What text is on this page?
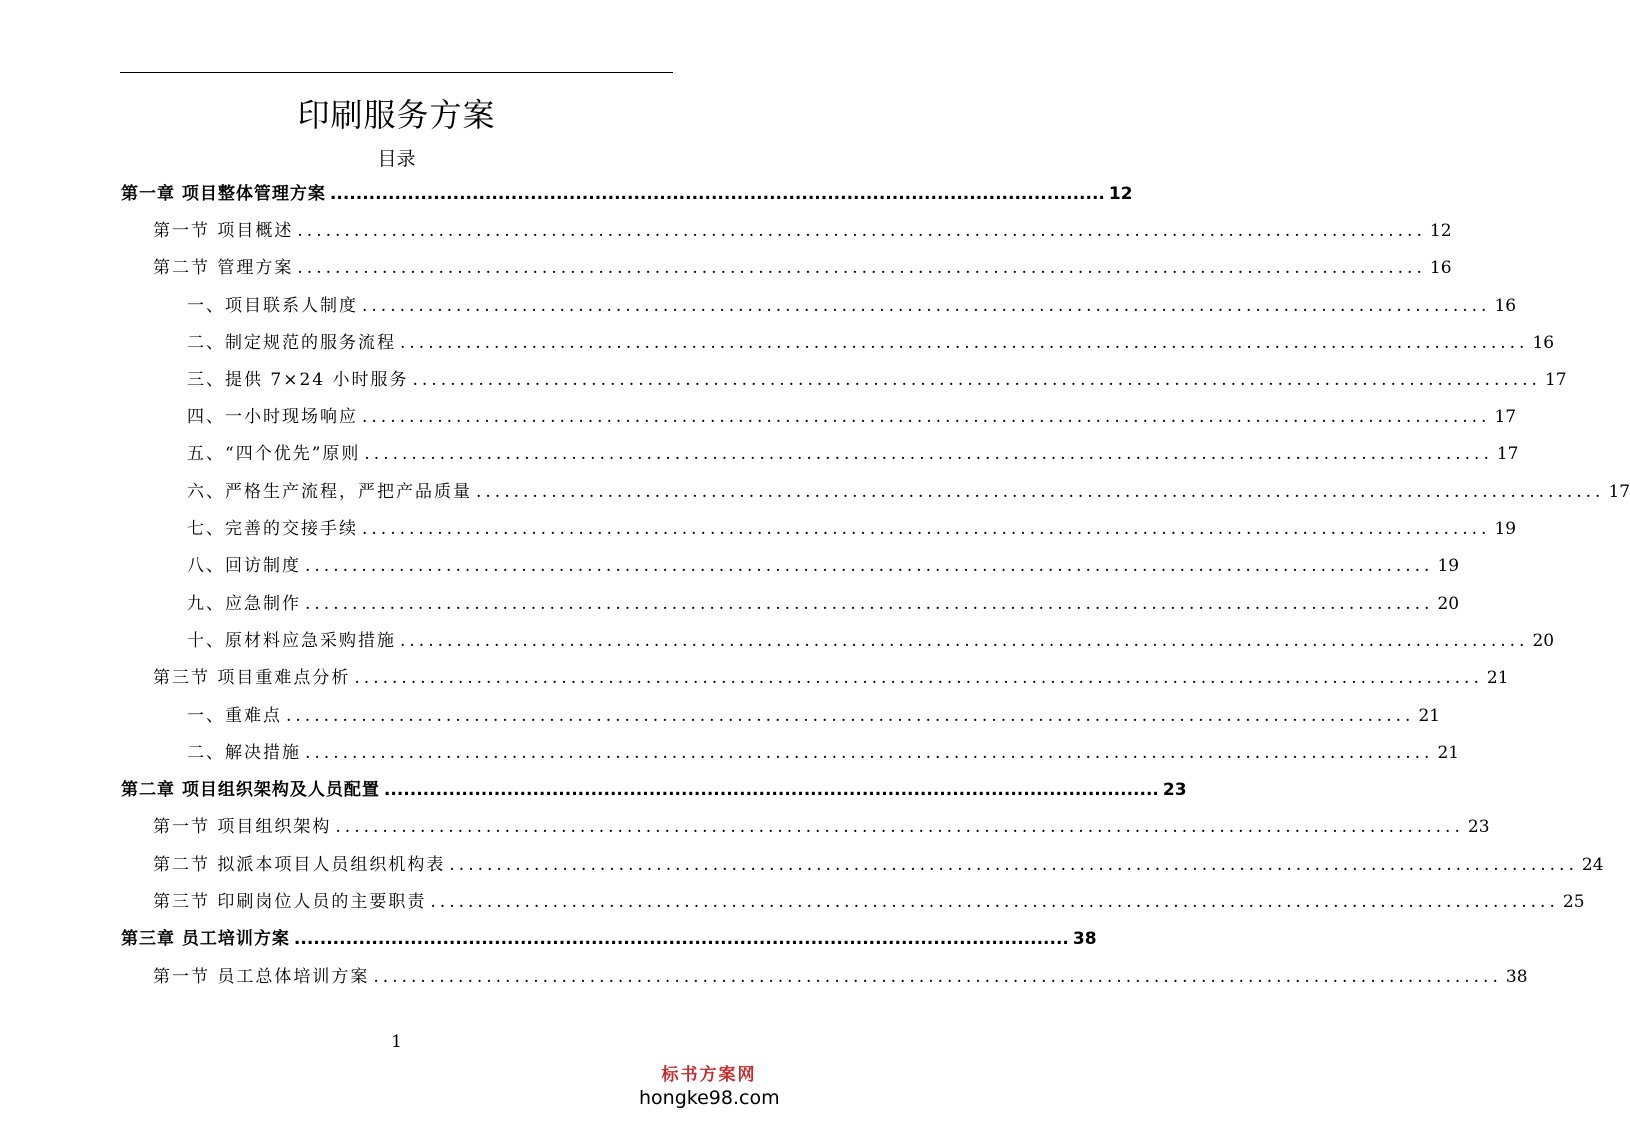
印刷服务方案
目录
第一章 项目整体管理方案 ........................................................................................................................ 12
第一节 项目概述 ........................................................................................................................ 12
第二节 管理方案 ........................................................................................................................ 16
一、项目联系人制度 ........................................................................................................................ 16
二、制定规范的服务流程 ........................................................................................................................ 16
三、提供 7×24 小时服务 ........................................................................................................................ 17
四、一小时现场响应 ........................................................................................................................ 17
五、“四个优先”原则 ........................................................................................................................ 17
六、严格生产流程，严把产品质量 ........................................................................................................................ 17
七、完善的交接手续 ........................................................................................................................ 19
八、回访制度 ........................................................................................................................ 19
九、应急制作 ........................................................................................................................ 20
十、原材料应急采购措施 ........................................................................................................................ 20
第三节 项目重难点分析 ........................................................................................................................ 21
一、重难点 ........................................................................................................................ 21
二、解决措施 ........................................................................................................................ 21
第二章 项目组织架构及人员配置 ........................................................................................................................ 23
第一节 项目组织架构 ........................................................................................................................ 23
第二节 拟派本项目人员组织机构表 ........................................................................................................................ 24
第三节 印刷岗位人员的主要职责 ........................................................................................................................ 25
第三章 员工培训方案 ........................................................................................................................ 38
第一节 员工总体培训方案 ........................................................................................................................ 38
1
标书方案网
hongke98.com
